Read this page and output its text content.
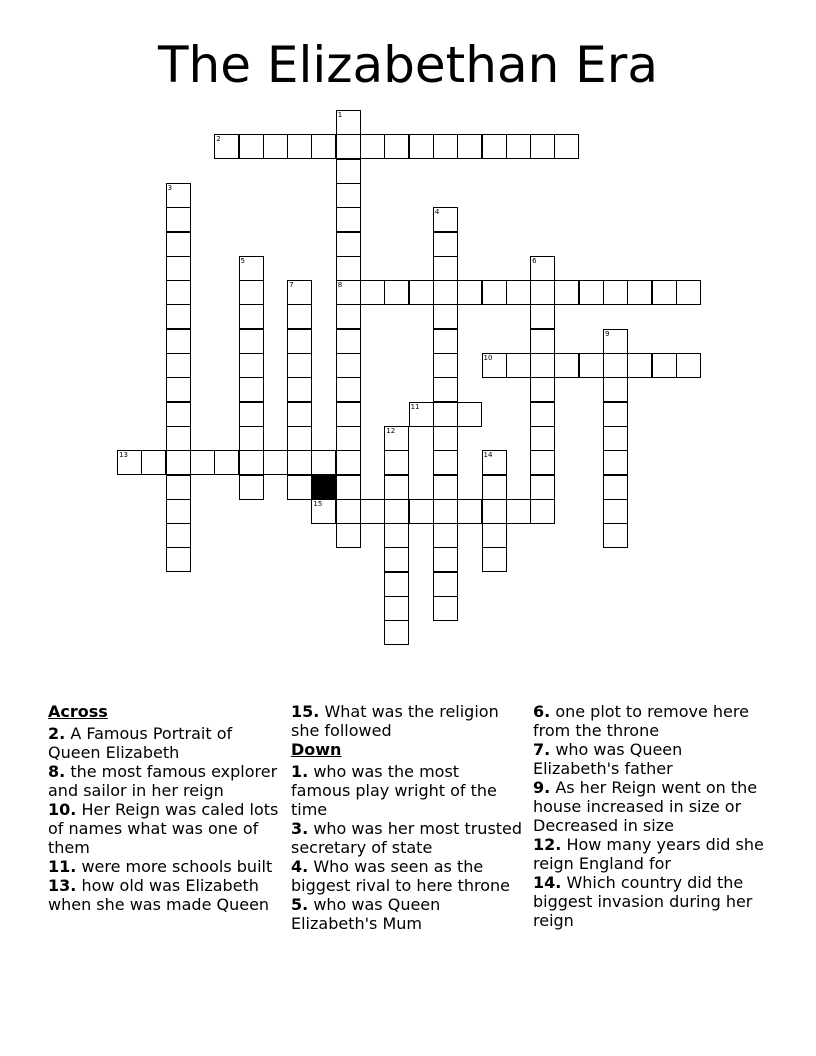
The Elizabethan Era
1
8
2
3
4
5	6
7
9
10
11
12
13	14
15
Across
2. A Famous Portrait of Queen Elizabeth
8. the most famous explorer and sailor in her reign
10. Her Reign was caled lots of names what was one of them
11. were more schools built
13. how old was Elizabeth when she was made Queen
15. What was the religion she followed
Down
1. who was the most famous play wright of the time
3. who was her most trusted secretary of state
4. Who was seen as the biggest rival to here throne
5. who was Queen Elizabeth's Mum
6. one plot to remove here from the throne
7. who was Queen Elizabeth's father
9. As her Reign went on the house increased in size or Decreased in size
12. How many years did she reign England for
14. Which country did the biggest invasion during her reign
